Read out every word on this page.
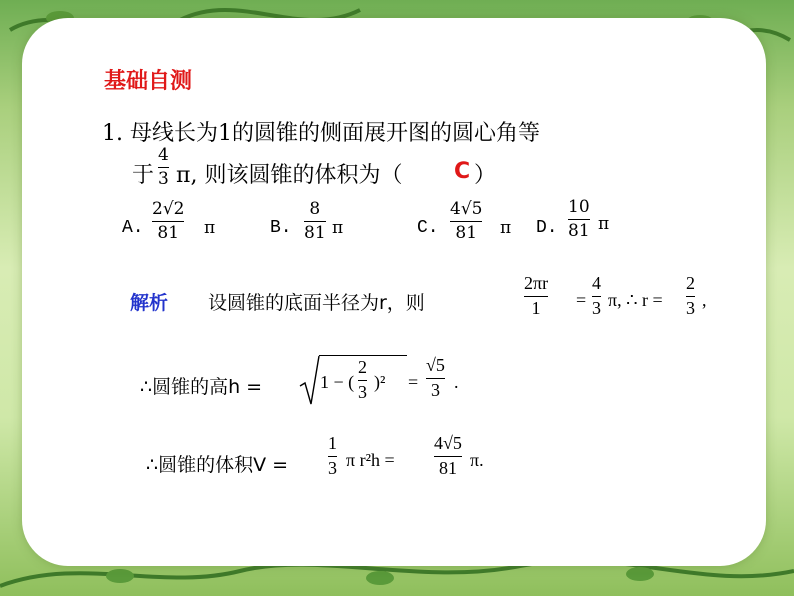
基础自测
1. 母线长为1的圆锥的侧面展开图的圆心角等
于
4
3 π, 则该圆锥的体积为（ C ）
A.
2√2
81 π	B.
8
81 π	C.
4√5
81 π D.
10
81 π
解析 设圆锥的底面半径为r，则
2πr
1 =
4
3 π, ∴ r =
2
3 ,
∴圆锥的高h =	1 − (
2
3 )² =
√5
3 .
∴圆锥的体积V =
1
3 π r²h =
4√5
81 π.
